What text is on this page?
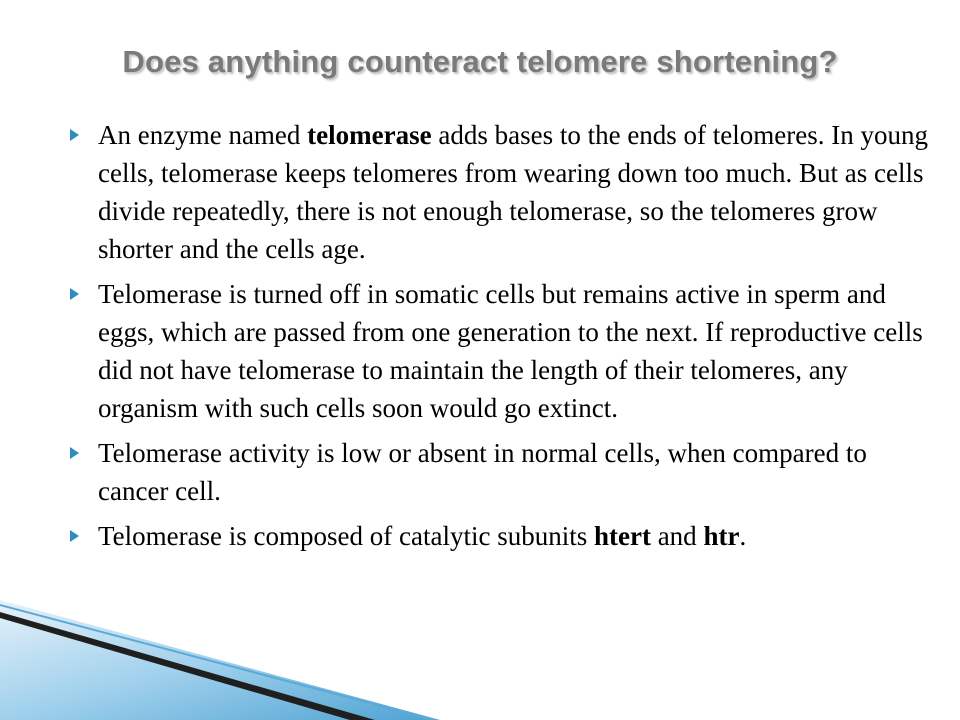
Does anything counteract telomere shortening?
An enzyme named telomerase adds bases to the ends of telomeres. In young cells, telomerase keeps telomeres from wearing down too much. But as cells divide repeatedly, there is not enough telomerase, so the telomeres grow shorter and the cells age.
Telomerase is turned off in somatic cells but remains active in sperm and eggs, which are passed from one generation to the next. If reproductive cells did not have telomerase to maintain the length of their telomeres, any organism with such cells soon would go extinct.
Telomerase activity is low or absent in normal cells, when compared to cancer cell.
Telomerase is composed of catalytic subunits htert and htr.
